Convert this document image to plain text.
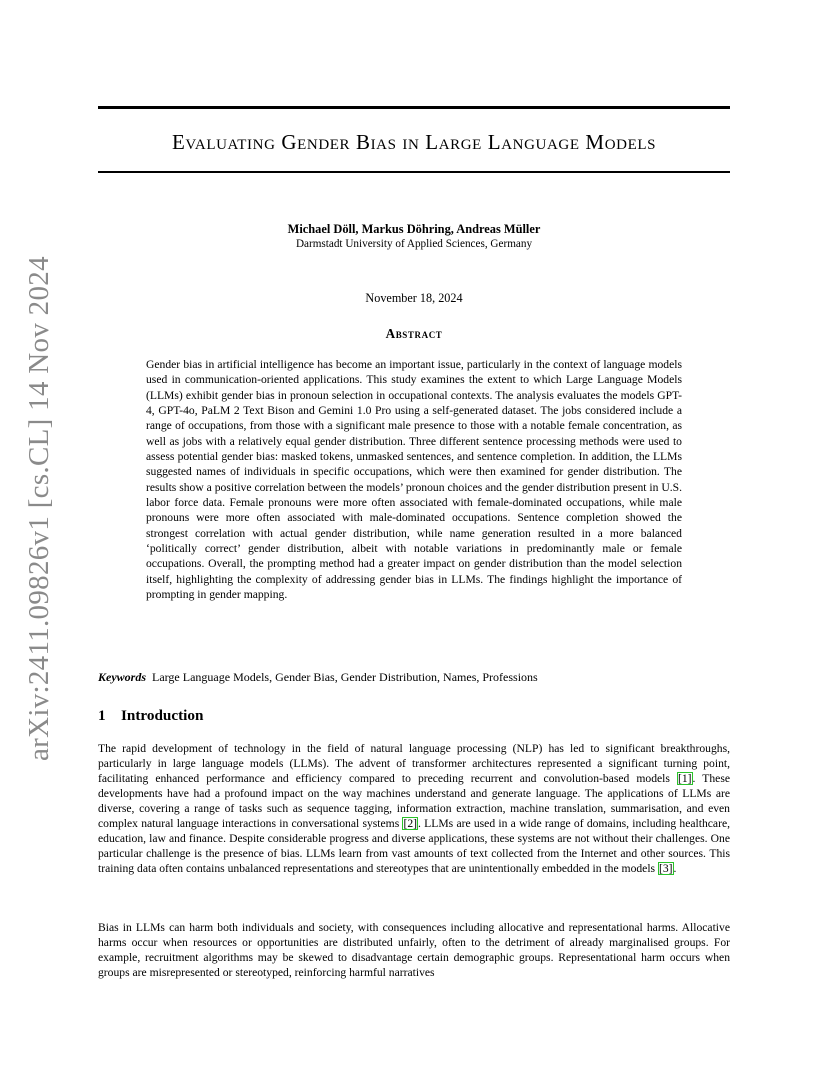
arXiv:2411.09826v1 [cs.CL] 14 Nov 2024
Evaluating Gender Bias in Large Language Models
Michael Döll, Markus Döhring, Andreas Müller
Darmstadt University of Applied Sciences, Germany
November 18, 2024
Abstract
Gender bias in artificial intelligence has become an important issue, particularly in the context of language models used in communication-oriented applications. This study examines the extent to which Large Language Models (LLMs) exhibit gender bias in pronoun selection in occupational contexts. The analysis evaluates the models GPT-4, GPT-4o, PaLM 2 Text Bison and Gemini 1.0 Pro using a self-generated dataset. The jobs considered include a range of occupations, from those with a significant male presence to those with a notable female concentration, as well as jobs with a relatively equal gender distribution. Three different sentence processing methods were used to assess potential gender bias: masked tokens, unmasked sentences, and sentence completion. In addition, the LLMs suggested names of individuals in specific occupations, which were then examined for gender distribution. The results show a positive correlation between the models’ pronoun choices and the gender distribution present in U.S. labor force data. Female pronouns were more often associated with female-dominated occupations, while male pronouns were more often associated with male-dominated occupations. Sentence completion showed the strongest correlation with actual gender distribution, while name generation resulted in a more balanced ‘politically correct’ gender distribution, albeit with notable variations in predominantly male or female occupations. Overall, the prompting method had a greater impact on gender distribution than the model selection itself, highlighting the complexity of addressing gender bias in LLMs. The findings highlight the importance of prompting in gender mapping.
Keywords Large Language Models, Gender Bias, Gender Distribution, Names, Professions
1 Introduction
The rapid development of technology in the field of natural language processing (NLP) has led to significant breakthroughs, particularly in large language models (LLMs). The advent of transformer architectures represented a significant turning point, facilitating enhanced performance and efficiency compared to preceding recurrent and convolution-based models [1]. These developments have had a profound impact on the way machines understand and generate language. The applications of LLMs are diverse, covering a range of tasks such as sequence tagging, information extraction, machine translation, summarisation, and even complex natural language interactions in conversational systems [2]. LLMs are used in a wide range of domains, including healthcare, education, law and finance. Despite considerable progress and diverse applications, these systems are not without their challenges. One particular challenge is the presence of bias. LLMs learn from vast amounts of text collected from the Internet and other sources. This training data often contains unbalanced representations and stereotypes that are unintentionally embedded in the models [3].
Bias in LLMs can harm both individuals and society, with consequences including allocative and representational harms. Allocative harms occur when resources or opportunities are distributed unfairly, often to the detriment of already marginalised groups. For example, recruitment algorithms may be skewed to disadvantage certain demographic groups. Representational harm occurs when groups are misrepresented or stereotyped, reinforcing harmful narratives
